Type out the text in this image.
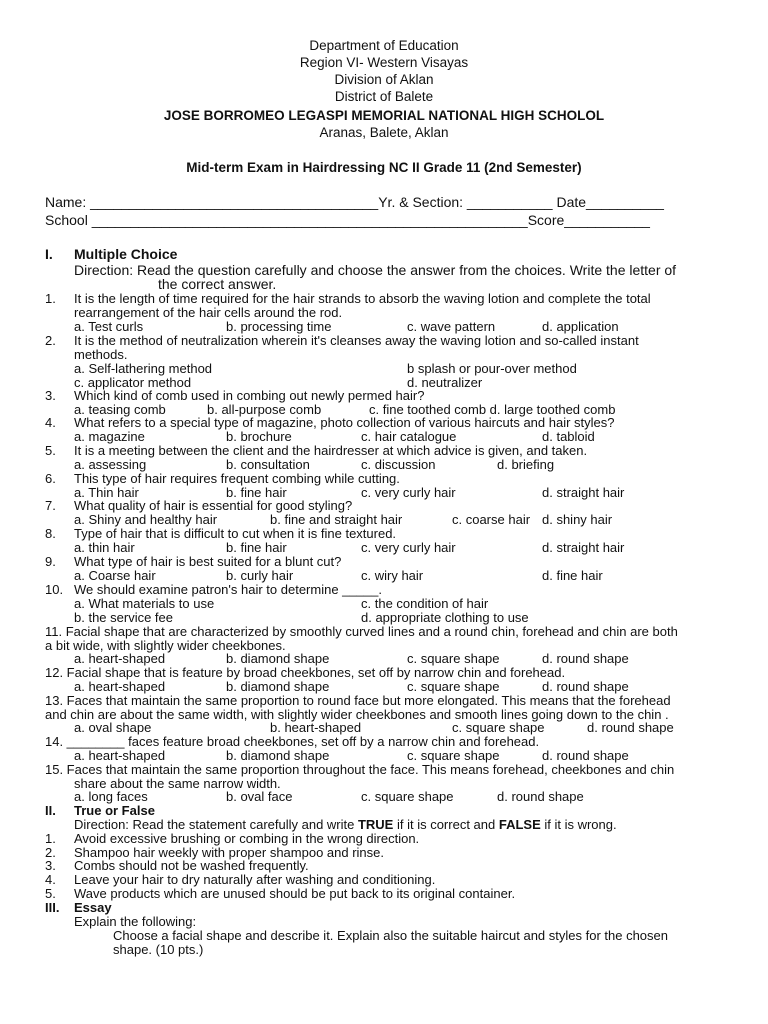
Department of Education
Region VI- Western Visayas
Division of Aklan
District of Balete
JOSE BORROMEO LEGASPI MEMORIAL NATIONAL HIGH SCHOLOL
Aranas, Balete, Aklan
Mid-term Exam in Hairdressing NC II Grade 11 (2nd Semester)
Name: _____________________________________Yr. & Section: ___________ Date__________
School ________________________________________________________Score___________
I. Multiple Choice
Direction: Read the question carefully and choose the answer from the choices. Write the letter of
the correct answer.
1. It is the length of time required for the hair strands to absorb the waving lotion and complete the total
rearrangement of the hair cells around the rod.
a. Test curls	b. processing time	c. wave pattern	d. application
2. It is the method of neutralization wherein it's cleanses away the waving lotion and so-called instant
methods.
a. Self-lathering method	b splash or pour-over method
c. applicator method	d. neutralizer
3. Which kind of comb used in combing out newly permed hair?
a. teasing comb	b. all-purpose comb	c. fine toothed comb d. large toothed comb
4. What refers to a special type of magazine, photo collection of various haircuts and hair styles?
a. magazine	b. brochure	c. hair catalogue	d. tabloid
5. It is a meeting between the client and the hairdresser at which advice is given, and taken.
a. assessing	b. consultation	c. discussion	d. briefing
6. This type of hair requires frequent combing while cutting.
a. Thin hair	b. fine hair	c. very curly hair	d. straight hair
7. What quality of hair is essential for good styling?
a. Shiny and healthy hair	b. fine and straight hair	c. coarse hair d. shiny hair
8. Type of hair that is difficult to cut when it is fine textured.
a. thin hair	b. fine hair	c. very curly hair	d. straight hair
9. What type of hair is best suited for a blunt cut?
a. Coarse hair	b. curly hair	c. wiry hair	d. fine hair
10. We should examine patron's hair to determine _____.
a. What materials to use	c. the condition of hair
b. the service fee	d. appropriate clothing to use
11. Facial shape that are characterized by smoothly curved lines and a round chin, forehead and chin are both
a bit wide, with slightly wider cheekbones.
a. heart-shaped	b. diamond shape	c. square shape	d. round shape
12. Facial shape that is feature by broad cheekbones, set off by narrow chin and forehead.
a. heart-shaped	b. diamond shape	c. square shape	d. round shape
13. Faces that maintain the same proportion to round face but more elongated. This means that the forehead
and chin are about the same width, with slightly wider cheekbones and smooth lines going down to the chin .
a. oval shape	b. heart-shaped	c. square shape	d. round shape
14. ________ faces feature broad cheekbones, set off by a narrow chin and forehead.
a. heart-shaped	b. diamond shape	c. square shape	d. round shape
15. Faces that maintain the same proportion throughout the face. This means forehead, cheekbones and chin
share about the same narrow width.
a. long faces	b. oval face	c. square shape	d. round shape
II. True or False
Direction: Read the statement carefully and write TRUE if it is correct and FALSE if it is wrong.
1. Avoid excessive brushing or combing in the wrong direction.
2. Shampoo hair weekly with proper shampoo and rinse.
3. Combs should not be washed frequently.
4. Leave your hair to dry naturally after washing and conditioning.
5. Wave products which are unused should be put back to its original container.
III. Essay
Explain the following:
Choose a facial shape and describe it. Explain also the suitable haircut and styles for the chosen
shape. (10 pts.)
